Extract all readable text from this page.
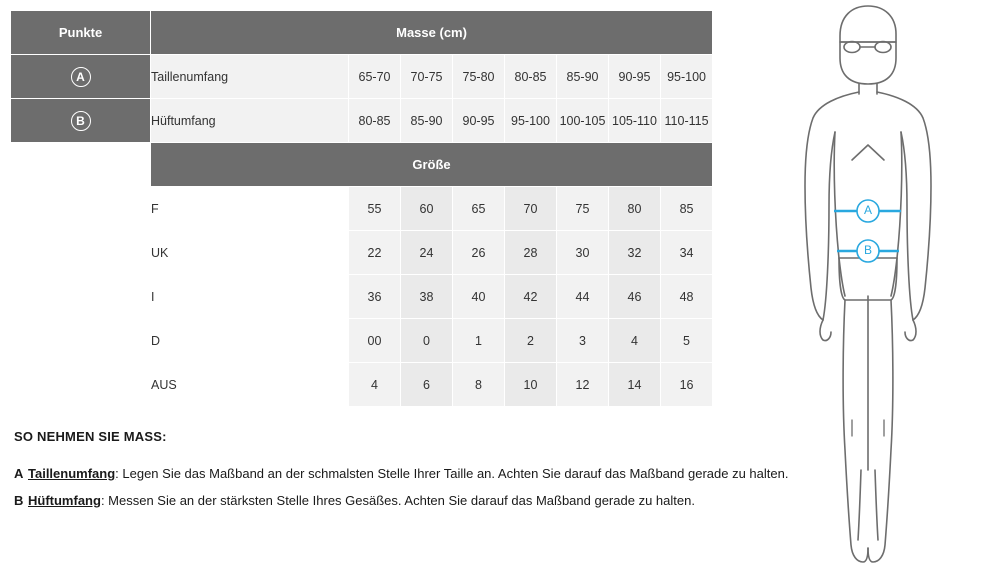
Punkte	Masse (cm)							
A	Taillenumfang	65-70	70-75	75-80	80-85	85-90	90-95	95-100
B	Hüftumfang	80-85	85-90	90-95	95-100	100-105	105-110	110-115
	Größe							
	F	55	60	65	70	75	80	85
	UK	22	24	26	28	30	32	34
	I	36	38	40	42	44	46	48
	D	00	0	1	2	3	4	5
	AUS	4	6	8	10	12	14	16
SO NEHMEN SIE MASS:
A Taillenumfang: Legen Sie das Maßband an der schmalsten Stelle Ihrer Taille an. Achten Sie darauf das Maßband gerade zu halten.
B Hüftumfang: Messen Sie an der stärksten Stelle Ihres Gesäßes. Achten Sie darauf das Maßband gerade zu halten.
A
B
